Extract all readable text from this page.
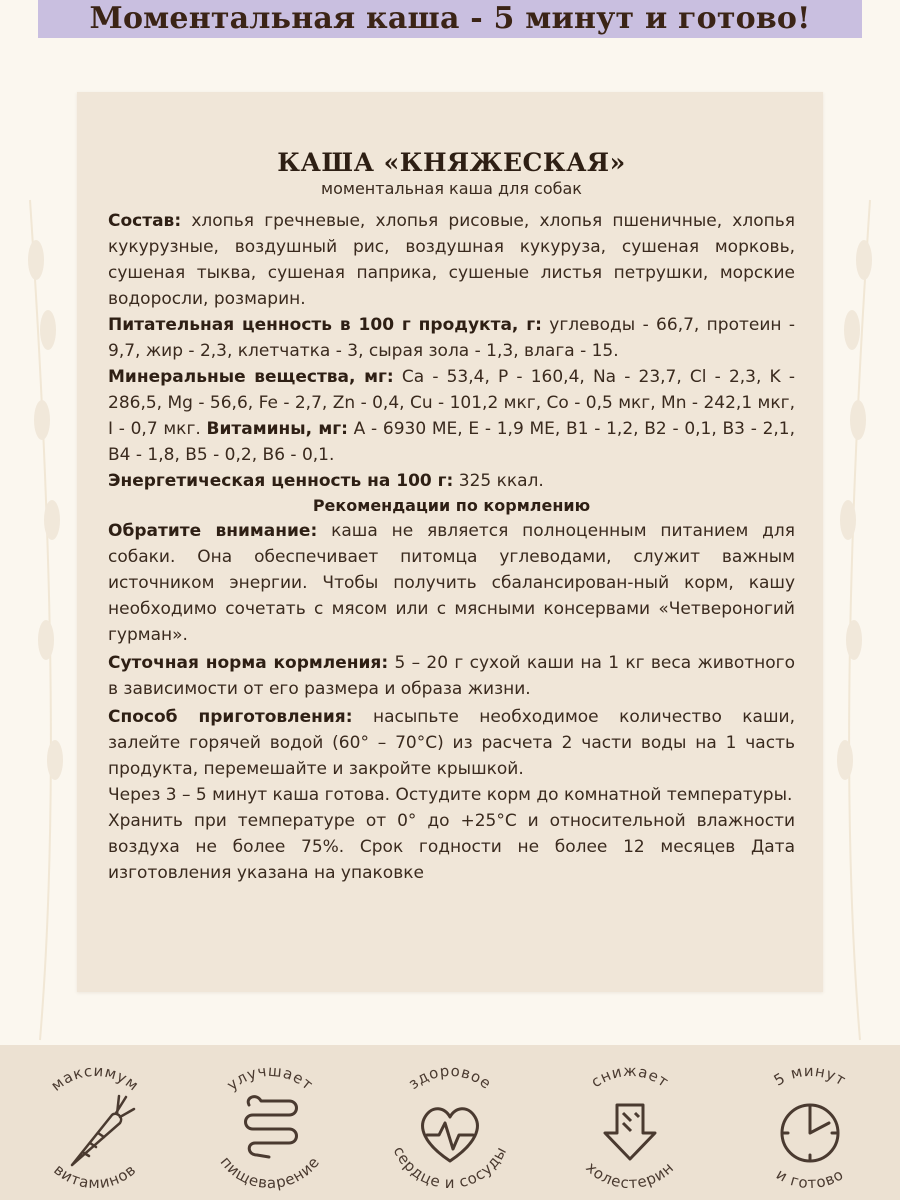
Моментальная каша - 5 минут и готово!
КАША «КНЯЖЕСКАЯ»
моментальная каша для собак

Состав: хлопья гречневые, хлопья рисовые, хлопья пшеничные, хлопья кукурузные, воздушный рис, воздушная кукуруза, сушеная морковь, сушеная тыква, сушеная паприка, сушеные листья петрушки, морские водоросли, розмарин.

Питательная ценность в 100 г продукта, г: углеводы - 66,7, протеин - 9,7, жир - 2,3, клетчатка - 3, сырая зола - 1,3, влага - 15.

Минеральные вещества, мг: Ca - 53,4, P - 160,4, Na - 23,7, Cl - 2,3, K - 286,5, Mg - 56,6, Fe - 2,7, Zn - 0,4, Cu - 101,2 мкг, Co - 0,5 мкг, Mn - 242,1 мкг, I - 0,7 мкг. Витамины, мг: A - 6930 МЕ, E - 1,9 МЕ, B1 - 1,2, B2 - 0,1, B3 - 2,1, B4 - 1,8, B5 - 0,2, B6 - 0,1.

Энергетическая ценность на 100 г: 325 ккал.

Рекомендации по кормлению

Обратите внимание: каша не является полноценным питанием для собаки. Она обеспечивает питомца углеводами, служит важным источником энергии. Чтобы получить сбалансирован-ный корм, кашу необходимо сочетать с мясом или с мясными консервами «Четвероногий гурман».

Суточная норма кормления: 5 – 20 г сухой каши на 1 кг веса животного в зависимости от его размера и образа жизни.

Способ приготовления: насыпьте необходимое количество каши, залейте горячей водой (60° – 70°С) из расчета 2 части воды на 1 часть продукта, перемешайте и закройте крышкой.

Через 3 – 5 минут каша готова. Остудите корм до комнатной температуры.

Хранить при температуре от 0° до +25°С и относительной влажности воздуха не более 75%. Срок годности не более 12 месяцев Дата изготовления указана на упаковке

максимум
витаминов
улучшает
пищеварение
здоровое
сердце и сосуды
снижает
холестерин
5 минут
и готово
